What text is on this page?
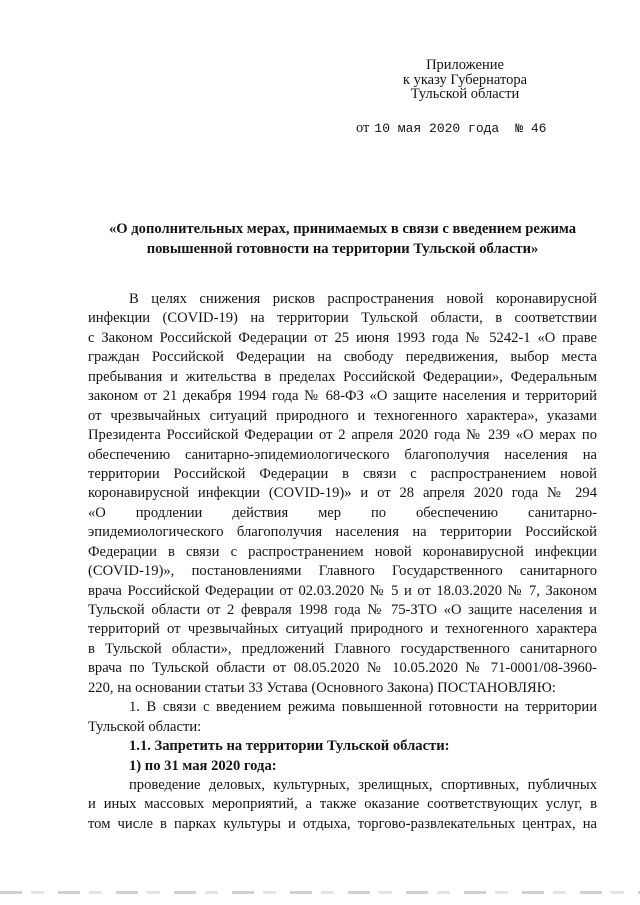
Приложение
к указу Губернатора
Тульской области
от 10 мая 2020 года № 46
«О дополнительных мерах, принимаемых в связи с введением режима
повышенной готовности на территории Тульской области»
В целях снижения рисков распространения новой коронавирусной
инфекции (COVID-19) на территории Тульской области, в соответствии
с Законом Российской Федерации от 25 июня 1993 года № 5242-1 «О праве
граждан Российской Федерации на свободу передвижения, выбор места
пребывания и жительства в пределах Российской Федерации», Федеральным
законом от 21 декабря 1994 года № 68-ФЗ «О защите населения и территорий
от чрезвычайных ситуаций природного и техногенного характера», указами
Президента Российской Федерации от 2 апреля 2020 года № 239 «О мерах по
обеспечению санитарно-эпидемиологического благополучия населения на
территории Российской Федерации в связи с распространением новой
коронавирусной инфекции (COVID-19)» и от 28 апреля 2020 года № 294
«О продлении действия мер по обеспечению санитарно-
эпидемиологического благополучия населения на территории Российской
Федерации в связи с распространением новой коронавирусной инфекции
(COVID-19)», постановлениями Главного Государственного санитарного
врача Российской Федерации от 02.03.2020 № 5 и от 18.03.2020 № 7, Законом
Тульской области от 2 февраля 1998 года № 75-ЗТО «О защите населения и
территорий от чрезвычайных ситуаций природного и техногенного характера
в Тульской области», предложений Главного государственного санитарного
врача по Тульской области от 08.05.2020 № 10.05.2020 № 71-0001/08-3960-
220, на основании статьи 33 Устава (Основного Закона) ПОСТАНОВЛЯЮ:
1. В связи с введением режима повышенной готовности на территории
Тульской области:
1.1. Запретить на территории Тульской области:
1) по 31 мая 2020 года:
проведение деловых, культурных, зрелищных, спортивных, публичных
и иных массовых мероприятий, а также оказание соответствующих услуг, в
том числе в парках культуры и отдыха, торгово-развлекательных центрах, на
